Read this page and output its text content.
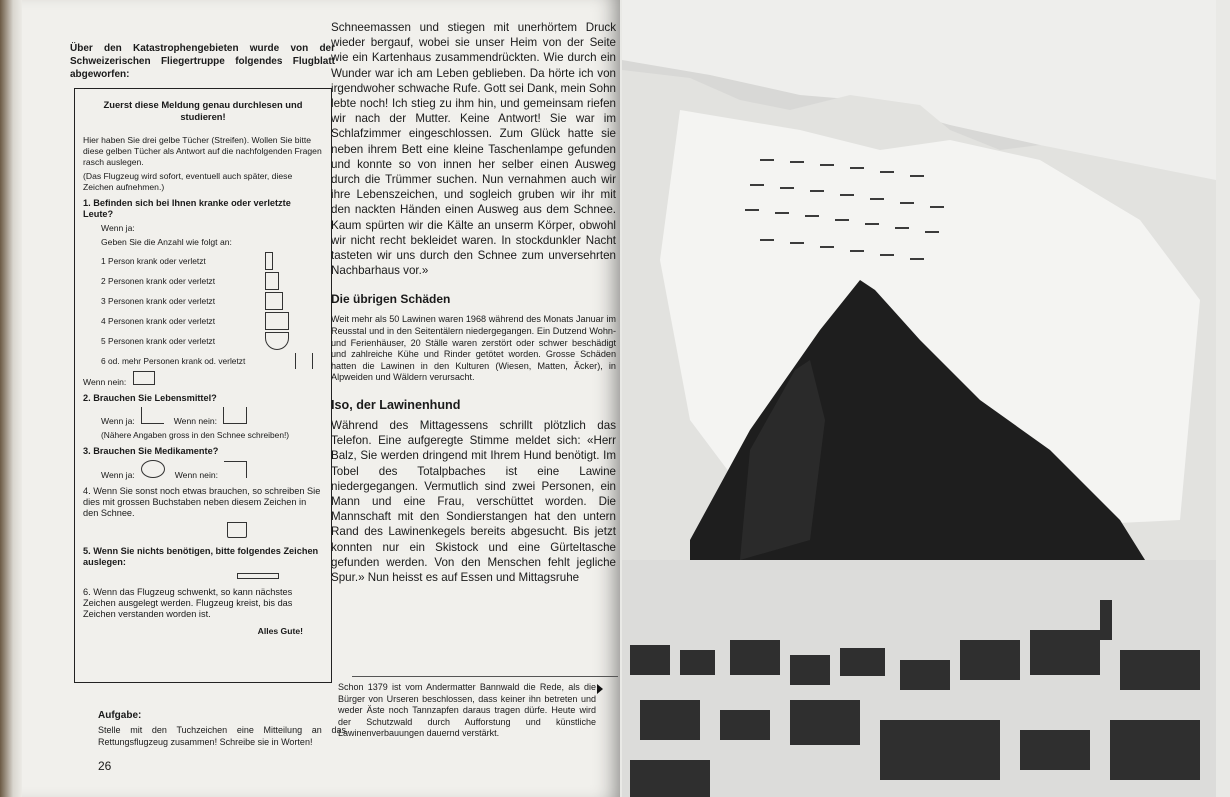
Über den Katastrophengebieten wurde von der Schweizerischen Fliegertruppe folgendes Flugblatt abgeworfen:
Zuerst diese Meldung genau durchlesen und studieren!

Hier haben Sie drei gelbe Tücher (Streifen). Wollen Sie bitte diese gelben Tücher als Antwort auf die nachfolgenden Fragen rasch auslegen.

(Das Flugzeug wird sofort, eventuell auch später, diese Zeichen aufnehmen.)

1. Befinden sich bei Ihnen kranke oder verletzte Leute?

Wenn ja:

Geben Sie die Anzahl wie folgt an:

1 Person krank oder verletzt
2 Personen krank oder verletzt
3 Personen krank oder verletzt
4 Personen krank oder verletzt
5 Personen krank oder verletzt
6 od. mehr Personen krank od. verletzt

Wenn nein:

2. Brauchen Sie Lebensmittel?

Wenn ja:	Wenn nein:

(Nähere Angaben gross in den Schnee schreiben!)

3. Brauchen Sie Medikamente?

Wenn ja:	Wenn nein:

4. Wenn Sie sonst noch etwas brauchen, so schreiben Sie dies mit grossen Buchstaben neben diesem Zeichen in den Schnee.

5. Wenn Sie nichts benötigen, bitte folgendes Zeichen auslegen:

6. Wenn das Flugzeug schwenkt, so kann nächstes Zeichen ausgelegt werden. Flugzeug kreist, bis das Zeichen verstanden worden ist.

Alles Gute!

Aufgabe:
Stelle mit den Tuchzeichen eine Mitteilung an das Rettungsflugzeug zusammen! Schreibe sie in Worten!
26
Schneemassen und stiegen mit unerhörtem Druck wieder bergauf, wobei sie unser Heim von der Seite wie ein Kartenhaus zusammendrückten. Wie durch ein Wunder war ich am Leben geblieben. Da hörte ich von irgendwoher schwache Rufe. Gott sei Dank, mein Sohn lebte noch! Ich stieg zu ihm hin, und gemeinsam riefen wir nach der Mutter. Keine Antwort! Sie war im Schlafzimmer eingeschlossen. Zum Glück hatte sie neben ihrem Bett eine kleine Taschenlampe gefunden und konnte so von innen her selber einen Ausweg durch die Trümmer suchen. Nun vernahmen auch wir ihre Lebenszeichen, und sogleich gruben wir ihr mit den nackten Händen einen Ausweg aus dem Schnee. Kaum spürten wir die Kälte an unserm Körper, obwohl wir nicht recht bekleidet waren. In stockdunkler Nacht tasteten wir uns durch den Schnee zum unversehrten Nachbarhaus vor.»
Die übrigen Schäden
Weit mehr als 50 Lawinen waren 1968 während des Monats Januar im Reusstal und in den Seitentälern niedergegangen. Ein Dutzend Wohn- und Ferienhäuser, 20 Ställe waren zerstört oder schwer beschädigt und zahlreiche Kühe und Rinder getötet worden. Grosse Schäden hatten die Lawinen in den Kulturen (Wiesen, Matten, Äcker), in Alpweiden und Wäldern verursacht.
Iso, der Lawinenhund
Während des Mittagessens schrillt plötzlich das Telefon. Eine aufgeregte Stimme meldet sich: «Herr Balz, Sie werden dringend mit Ihrem Hund benötigt. Im Tobel des Totalpbaches ist eine Lawine niedergegangen. Vermutlich sind zwei Personen, ein Mann und eine Frau, verschüttet worden. Die Mannschaft mit den Sondierstangen hat den untern Rand des Lawinenkegels bereits abgesucht. Bis jetzt konnten nur ein Skistock und eine Gürteltasche gefunden werden. Von den Menschen fehlt jegliche Spur.» Nun heisst es auf Essen und Mittagsruhe
Schon 1379 ist vom Andermatter Bannwald die Rede, als die Bürger von Urseren beschlossen, dass keiner ihn betreten und weder Äste noch Tannzapfen daraus tragen dürfe. Heute wird der Schutzwald durch Aufforstung und künstliche Lawinenverbauungen dauernd verstärkt.
